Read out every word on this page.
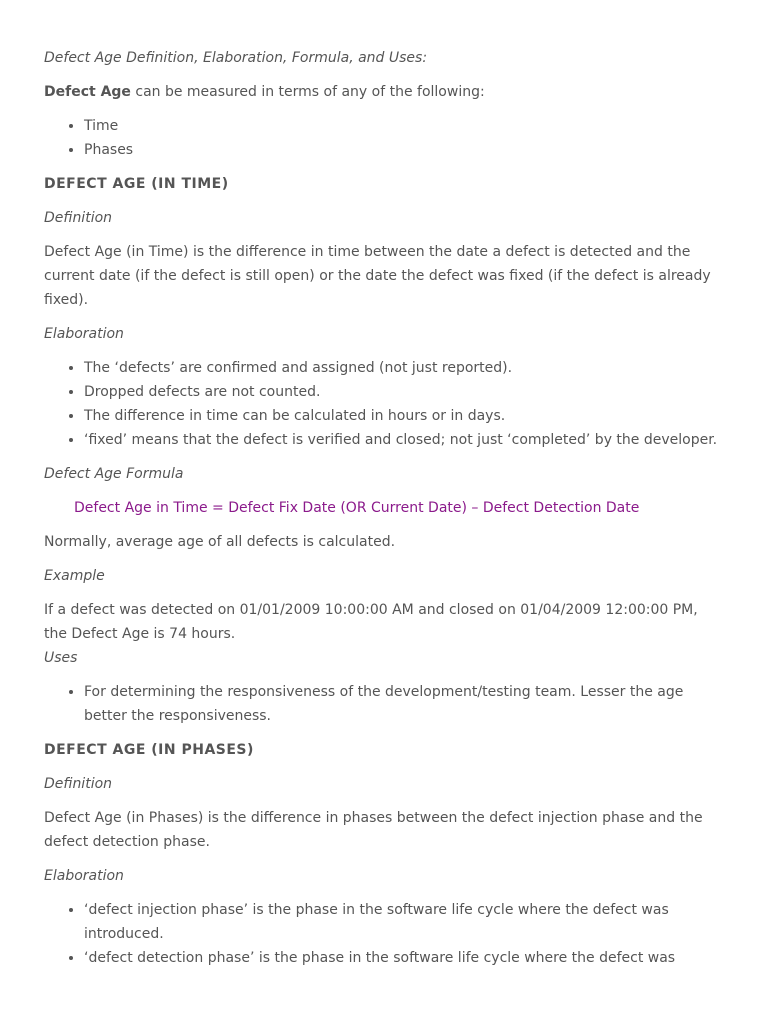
Defect Age Definition, Elaboration, Formula, and Uses:

Defect Age can be measured in terms of any of the following:

• Time
• Phases
DEFECT AGE (IN TIME)

Definition

Defect Age (in Time) is the difference in time between the date a defect is detected and the current date (if the defect is still open) or the date the defect was fixed (if the defect is already fixed).

Elaboration

• The ‘defects’ are confirmed and assigned (not just reported).
• Dropped defects are not counted.
• The difference in time can be calculated in hours or in days.
• ‘fixed’ means that the defect is verified and closed; not just ‘completed’ by the developer.

Defect Age Formula

Defect Age in Time = Defect Fix Date (OR Current Date) – Defect Detection Date

Normally, average age of all defects is calculated.

Example

If a defect was detected on 01/01/2009 10:00:00 AM and closed on 01/04/2009 12:00:00 PM, the Defect Age is 74 hours.

Uses

• For determining the responsiveness of the development/testing team. Lesser the age better the responsiveness.
DEFECT AGE (IN PHASES)

Definition

Defect Age (in Phases) is the difference in phases between the defect injection phase and the defect detection phase.

Elaboration

• ‘defect injection phase’ is the phase in the software life cycle where the defect was introduced.
• ‘defect detection phase’ is the phase in the software life cycle where the defect was
